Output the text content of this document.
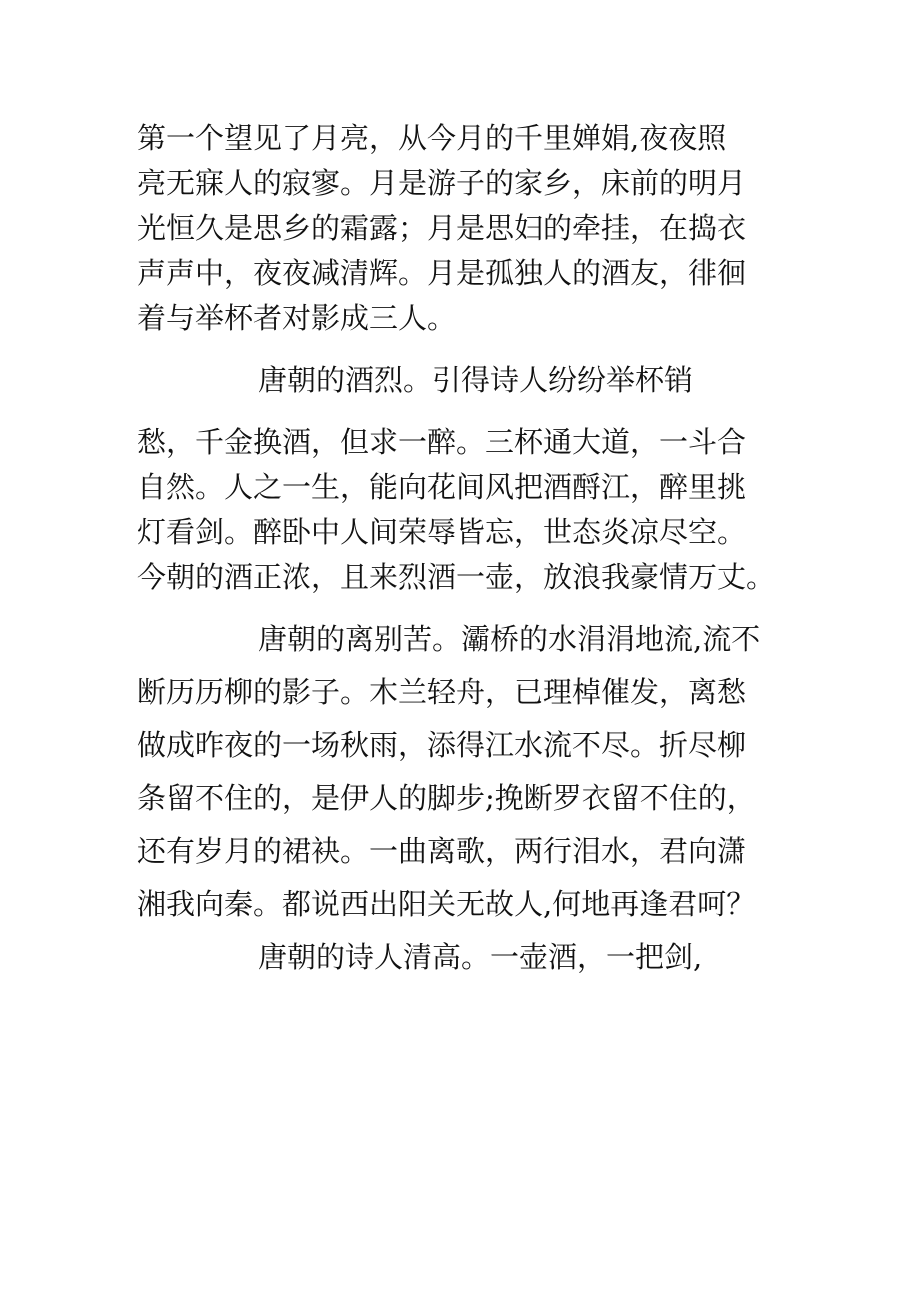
第一个望见了月亮，从今月的千里婵娟,夜夜照
亮无寐人的寂寥。月是游子的家乡，床前的明月
光恒久是思乡的霜露；月是思妇的牵挂，在捣衣
声声中，夜夜减清辉。月是孤独人的酒友，徘徊
着与举杯者对影成三人。
唐朝的酒烈。引得诗人纷纷举杯销
愁，千金换酒，但求一醉。三杯通大道，一斗合
自然。人之一生，能向花间风把酒酹江，醉里挑
灯看剑。醉卧中人间荣辱皆忘，世态炎凉尽空。
今朝的酒正浓，且来烈酒一壶，放浪我豪情万丈。
唐朝的离别苦。灞桥的水涓涓地流,流不
断历历柳的影子。木兰轻舟，已理棹催发，离愁
做成昨夜的一场秋雨，添得江水流不尽。折尽柳
条留不住的，是伊人的脚步;挽断罗衣留不住的，
还有岁月的裙袂。一曲离歌，两行泪水，君向潇
湘我向秦。都说西出阳关无故人,何地再逢君呵？
唐朝的诗人清高。一壶酒，一把剑,
